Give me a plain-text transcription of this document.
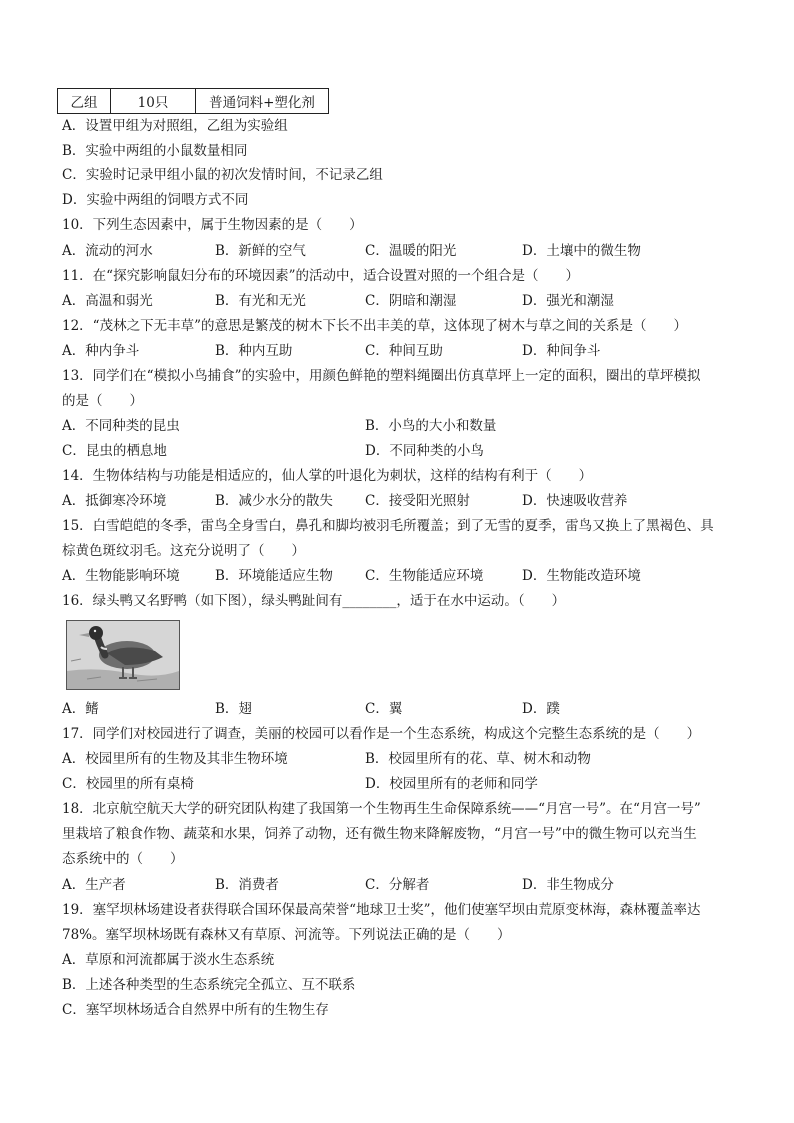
乙组	10只	普通饲料+塑化剂
A．设置甲组为对照组，乙组为实验组
B．实验中两组的小鼠数量相同
C．实验时记录甲组小鼠的初次发情时间，不记录乙组
D．实验中两组的饲喂方式不同
10．下列生态因素中，属于生物因素的是（　　）
A．流动的河水	B．新鲜的空气	C．温暖的阳光	D．土壤中的微生物
11．在“探究影响鼠妇分布的环境因素”的活动中，适合设置对照的一个组合是（　　）
A．高温和弱光	B．有光和无光	C．阴暗和潮湿	D．强光和潮湿
12．“茂林之下无丰草”的意思是繁茂的树木下长不出丰美的草，这体现了树木与草之间的关系是（　　）
A．种内争斗	B．种内互助	C．种间互助	D．种间争斗
13．同学们在“模拟小鸟捕食”的实验中，用颜色鲜艳的塑料绳圈出仿真草坪上一定的面积，圈出的草坪模拟
的是（　　）
A．不同种类的昆虫	B．小鸟的大小和数量
C．昆虫的栖息地	D．不同种类的小鸟
14．生物体结构与功能是相适应的，仙人掌的叶退化为刺状，这样的结构有利于（　　）
A．抵御寒冷环境	B．减少水分的散失 C．接受阳光照射	D．快速吸收营养
15．白雪皑皑的冬季，雷鸟全身雪白，鼻孔和脚均被羽毛所覆盖；到了无雪的夏季，雷鸟又换上了黑褐色、具
棕黄色斑纹羽毛。这充分说明了（　　）
A．生物能影响环境	B．环境能适应生物 C．生物能适应环境	D．生物能改造环境
16．绿头鸭又名野鸭（如下图），绿头鸭趾间有________，适于在水中运动。（　　）
A．鳍	B．翅	C．翼	D．蹼
17．同学们对校园进行了调查，美丽的校园可以看作是一个生态系统，构成这个完整生态系统的是（　　）
A．校园里所有的生物及其非生物环境	B．校园里所有的花、草、树木和动物
C．校园里的所有桌椅	D．校园里所有的老师和同学
18．北京航空航天大学的研究团队构建了我国第一个生物再生生命保障系统——“月宫一号”。在“月宫一号”
里栽培了粮食作物、蔬菜和水果，饲养了动物，还有微生物来降解废物，“月宫一号”中的微生物可以充当生
态系统中的（　　）
A．生产者	B．消费者	C．分解者	D．非生物成分
19．塞罕坝林场建设者获得联合国环保最高荣誉“地球卫士奖”，他们使塞罕坝由荒原变林海，森林覆盖率达
78%。塞罕坝林场既有森林又有草原、河流等。下列说法正确的是（　　）
A．草原和河流都属于淡水生态系统
B．上述各种类型的生态系统完全孤立、互不联系
C．塞罕坝林场适合自然界中所有的生物生存
